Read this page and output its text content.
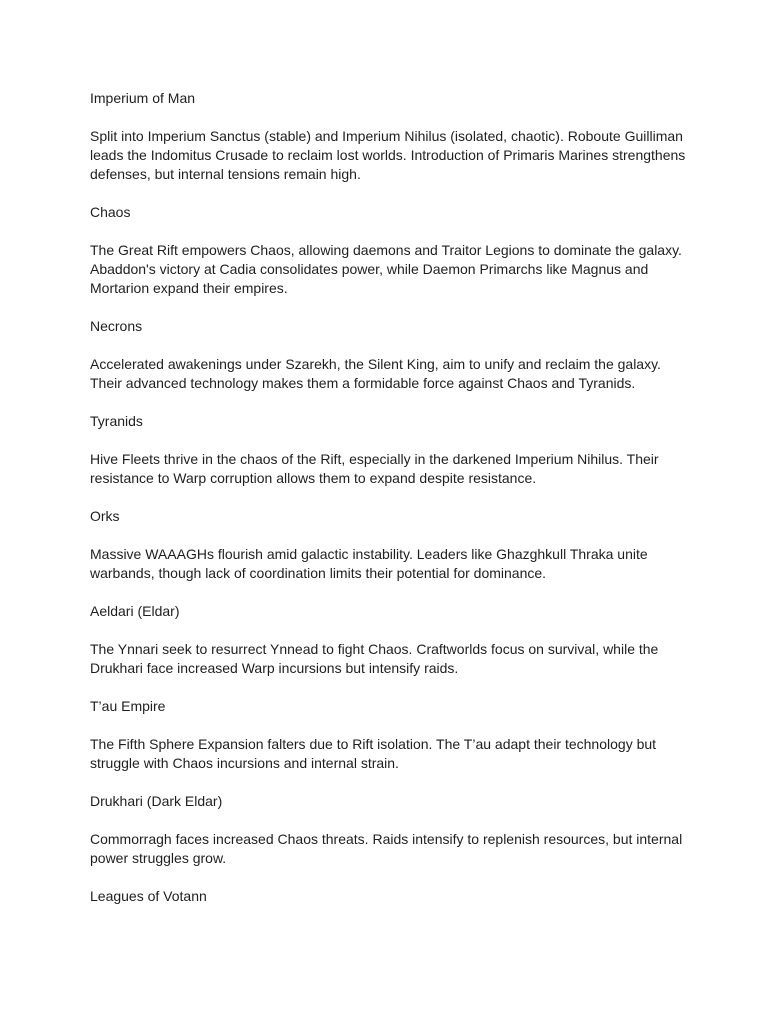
Imperium of Man

Split into Imperium Sanctus (stable) and Imperium Nihilus (isolated, chaotic). Roboute Guilliman leads the Indomitus Crusade to reclaim lost worlds. Introduction of Primaris Marines strengthens defenses, but internal tensions remain high.

Chaos

The Great Rift empowers Chaos, allowing daemons and Traitor Legions to dominate the galaxy. Abaddon's victory at Cadia consolidates power, while Daemon Primarchs like Magnus and Mortarion expand their empires.

Necrons

Accelerated awakenings under Szarekh, the Silent King, aim to unify and reclaim the galaxy. Their advanced technology makes them a formidable force against Chaos and Tyranids.

Tyranids

Hive Fleets thrive in the chaos of the Rift, especially in the darkened Imperium Nihilus. Their resistance to Warp corruption allows them to expand despite resistance.

Orks

Massive WAAAGHs flourish amid galactic instability. Leaders like Ghazghkull Thraka unite warbands, though lack of coordination limits their potential for dominance.

Aeldari (Eldar)

The Ynnari seek to resurrect Ynnead to fight Chaos. Craftworlds focus on survival, while the Drukhari face increased Warp incursions but intensify raids.

T’au Empire

The Fifth Sphere Expansion falters due to Rift isolation. The T’au adapt their technology but struggle with Chaos incursions and internal strain.

Drukhari (Dark Eldar)

Commorragh faces increased Chaos threats. Raids intensify to replenish resources, but internal power struggles grow.

Leagues of Votann
